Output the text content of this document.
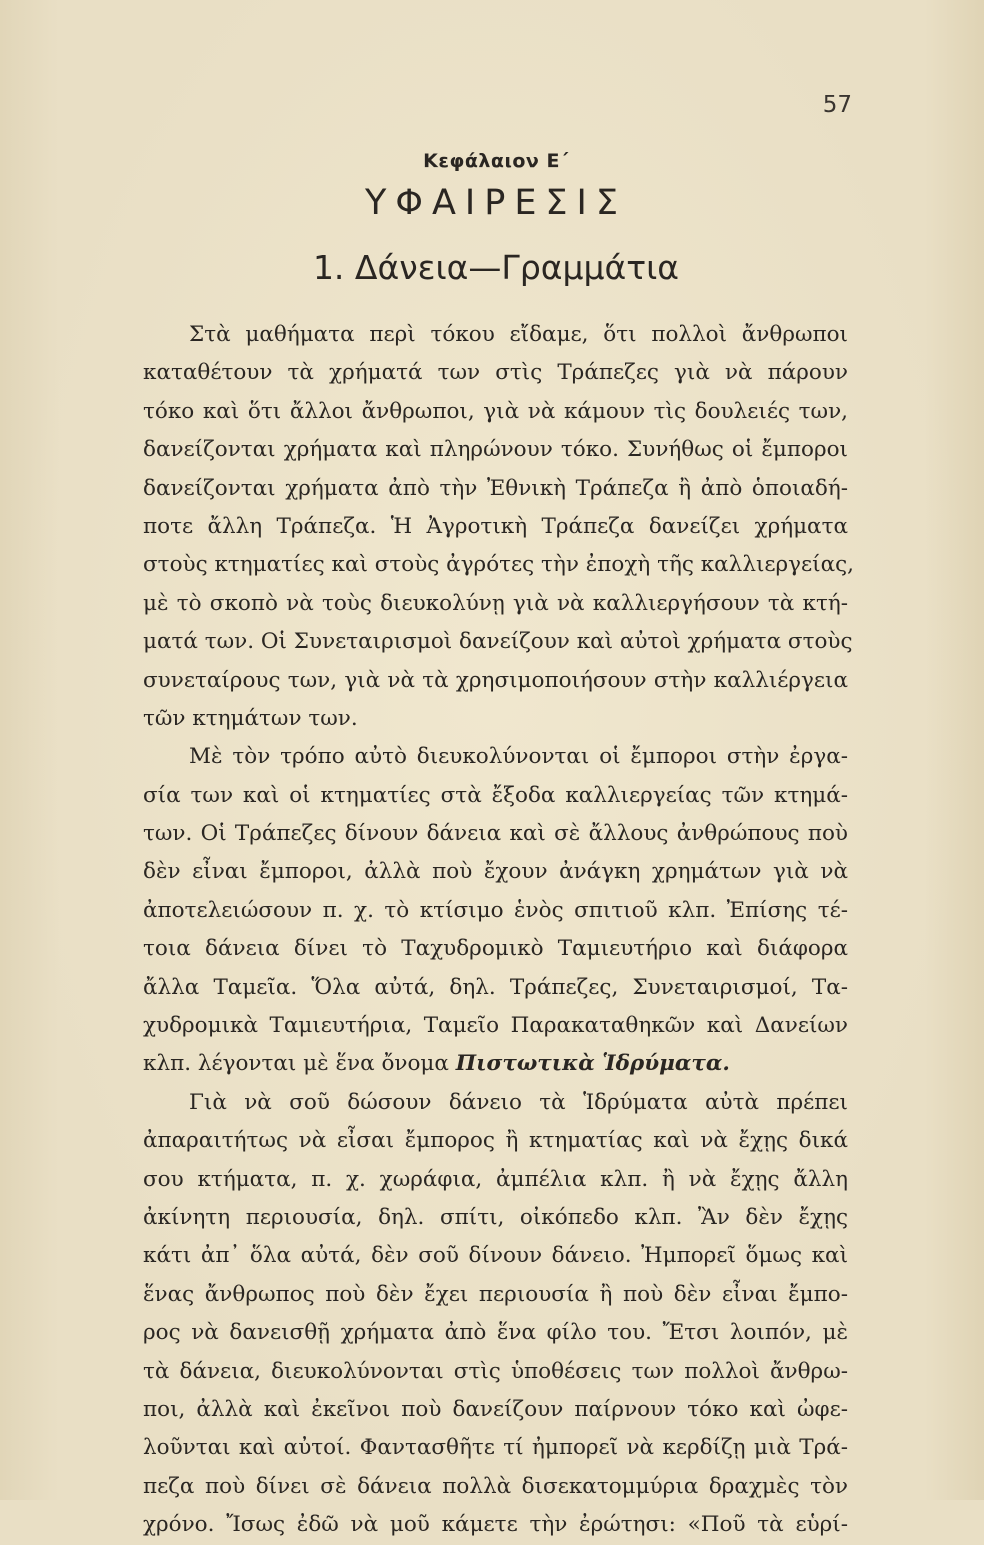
57
Κεφάλαιον Ε΄
ΥΦΑΙΡΕΣΙΣ
1. Δάνεια—Γραμμάτια
Στὰ μαθήματα περὶ τόκου εἴδαμε, ὅτι πολλοὶ ἄνθρωποι
καταθέτουν τὰ χρήματά των στὶς Τράπεζες γιὰ νὰ πάρουν
τόκο καὶ ὅτι ἄλλοι ἄνθρωποι, γιὰ νὰ κάμουν τὶς δουλειές των,
δανείζονται χρήματα καὶ πληρώνουν τόκο. Συνήθως οἱ ἔμποροι
δανείζονται χρήματα ἀπὸ τὴν Ἐθνικὴ Τράπεζα ἢ ἀπὸ ὁποιαδή-
ποτε ἄλλη Τράπεζα. Ἡ Ἀγροτικὴ Τράπεζα δανείζει χρήματα
στοὺς κτηματίες καὶ στοὺς ἀγρότες τὴν ἐποχὴ τῆς καλλιεργείας,
μὲ τὸ σκοπὸ νὰ τοὺς διευκολύνῃ γιὰ νὰ καλλιεργήσουν τὰ κτή-
ματά των. Οἱ Συνεταιρισμοὶ δανείζουν καὶ αὐτοὶ χρήματα στοὺς
συνεταίρους των, γιὰ νὰ τὰ χρησιμοποιήσουν στὴν καλλιέργεια
τῶν κτημάτων των.
Μὲ τὸν τρόπο αὐτὸ διευκολύνονται οἱ ἔμποροι στὴν ἐργα-
σία των καὶ οἱ κτηματίες στὰ ἔξοδα καλλιεργείας τῶν κτημά-
των. Οἱ Τράπεζες δίνουν δάνεια καὶ σὲ ἄλλους ἀνθρώπους ποὺ
δὲν εἶναι ἔμποροι, ἀλλὰ ποὺ ἔχουν ἀνάγκη χρημάτων γιὰ νὰ
ἀποτελειώσουν π. χ. τὸ κτίσιμο ἑνὸς σπιτιοῦ κλπ. Ἐπίσης τέ-
τοια δάνεια δίνει τὸ Ταχυδρομικὸ Ταμιευτήριο καὶ διάφορα
ἄλλα Ταμεῖα. Ὅλα αὐτά, δηλ. Τράπεζες, Συνεταιρισμοί, Τα-
χυδρομικὰ Ταμιευτήρια, Ταμεῖο Παρακαταθηκῶν καὶ Δανείων
κλπ. λέγονται μὲ ἕνα ὄνομα Πιστωτικὰ Ἱδρύματα.
Γιὰ νὰ σοῦ δώσουν δάνειο τὰ Ἱδρύματα αὐτὰ πρέπει
ἀπαραιτήτως νὰ εἶσαι ἔμπορος ἢ κτηματίας καὶ νὰ ἔχῃς δικά
σου κτήματα, π. χ. χωράφια, ἀμπέλια κλπ. ἢ νὰ ἔχῃς ἄλλη
ἀκίνητη περιουσία, δηλ. σπίτι, οἰκόπεδο κλπ. Ἂν δὲν ἔχῃς
κάτι ἀπ᾽ ὅλα αὐτά, δὲν σοῦ δίνουν δάνειο. Ἠμπορεῖ ὅμως καὶ
ἕνας ἄνθρωπος ποὺ δὲν ἔχει περιουσία ἢ ποὺ δὲν εἶναι ἔμπο-
ρος νὰ δανεισθῇ χρήματα ἀπὸ ἕνα φίλο του. Ἔτσι λοιπόν, μὲ
τὰ δάνεια, διευκολύνονται στὶς ὑποθέσεις των πολλοὶ ἄνθρω-
ποι, ἀλλὰ καὶ ἐκεῖνοι ποὺ δανείζουν παίρνουν τόκο καὶ ὠφε-
λοῦνται καὶ αὐτοί. Φαντασθῆτε τί ἠμπορεῖ νὰ κερδίζῃ μιὰ Τρά-
πεζα ποὺ δίνει σὲ δάνεια πολλὰ δισεκατομμύρια δραχμὲς τὸν
χρόνο. Ἴσως ἐδῶ νὰ μοῦ κάμετε τὴν ἐρώτησι: «Ποῦ τὰ εὑρί-
